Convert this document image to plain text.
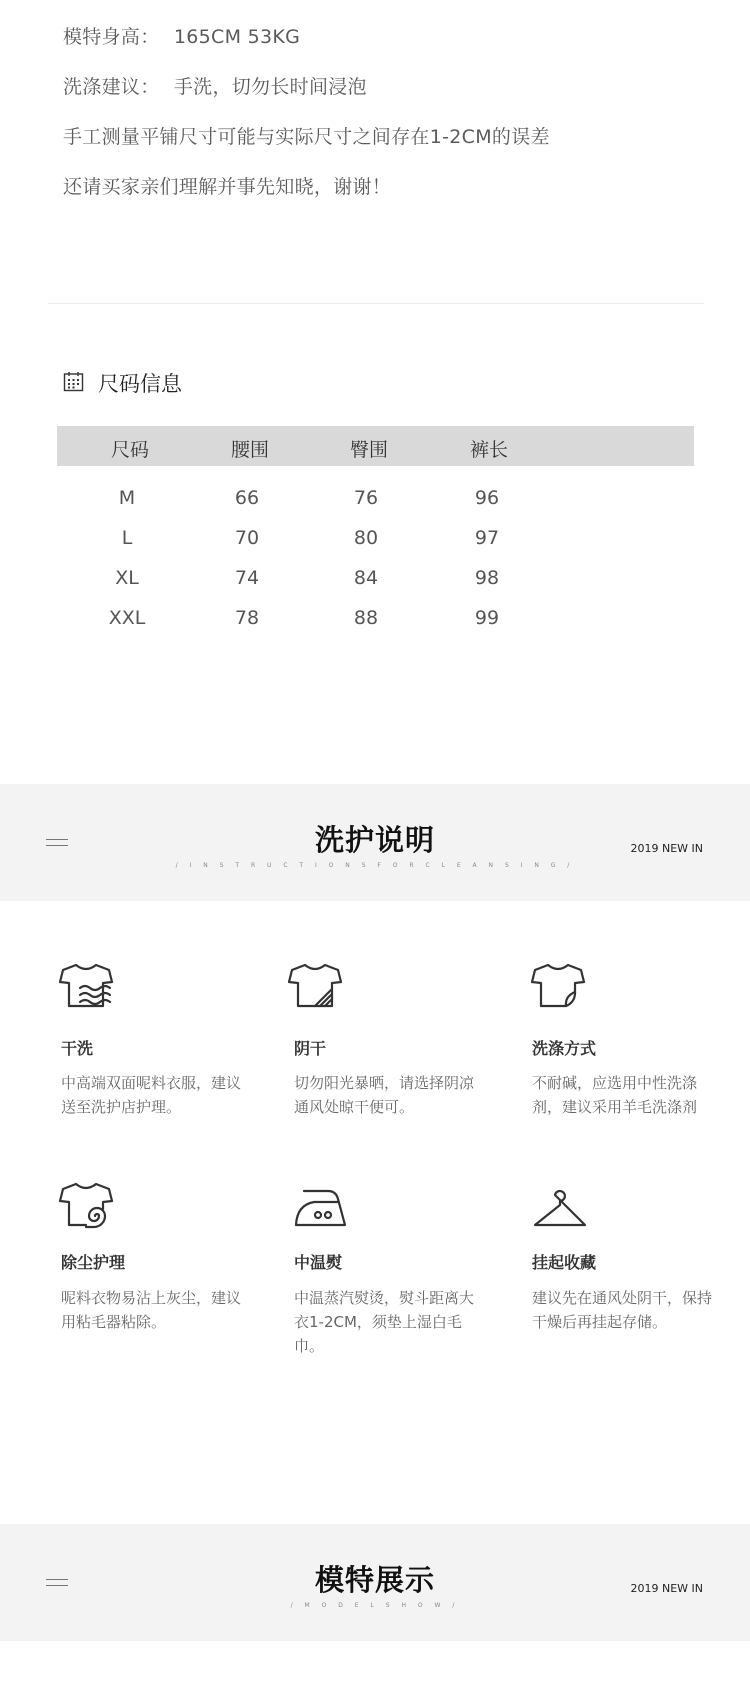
模特身高： 165CM 53KG
洗涤建议： 手洗，切勿长时间浸泡
手工测量平铺尺寸可能与实际尺寸之间存在1-2CM的误差
还请买家亲们理解并事先知晓，谢谢！
尺码信息
尺码	腰围	臀围	裤长
M	66	76	96
L	70	80	97
XL	74	84	98
XXL	78	88	99
洗护说明
/ I N S T R U C T I O N S F O R C L E A N S I N G /
2019 NEW IN
干洗
中高端双面呢料衣服，建议送至洗护店护理。
阴干
切勿阳光暴晒，请选择阴凉通风处晾干便可。
洗涤方式
不耐碱，应选用中性洗涤剂，建议采用羊毛洗涤剂
除尘护理
呢料衣物易沾上灰尘，建议用粘毛器粘除。
中温熨
中温蒸汽熨烫，熨斗距离大衣1-2CM，须垫上湿白毛巾。
挂起收藏
建议先在通风处阴干，保持干燥后再挂起存储。
模特展示
/ M O D E L S H O W /
2019 NEW IN
